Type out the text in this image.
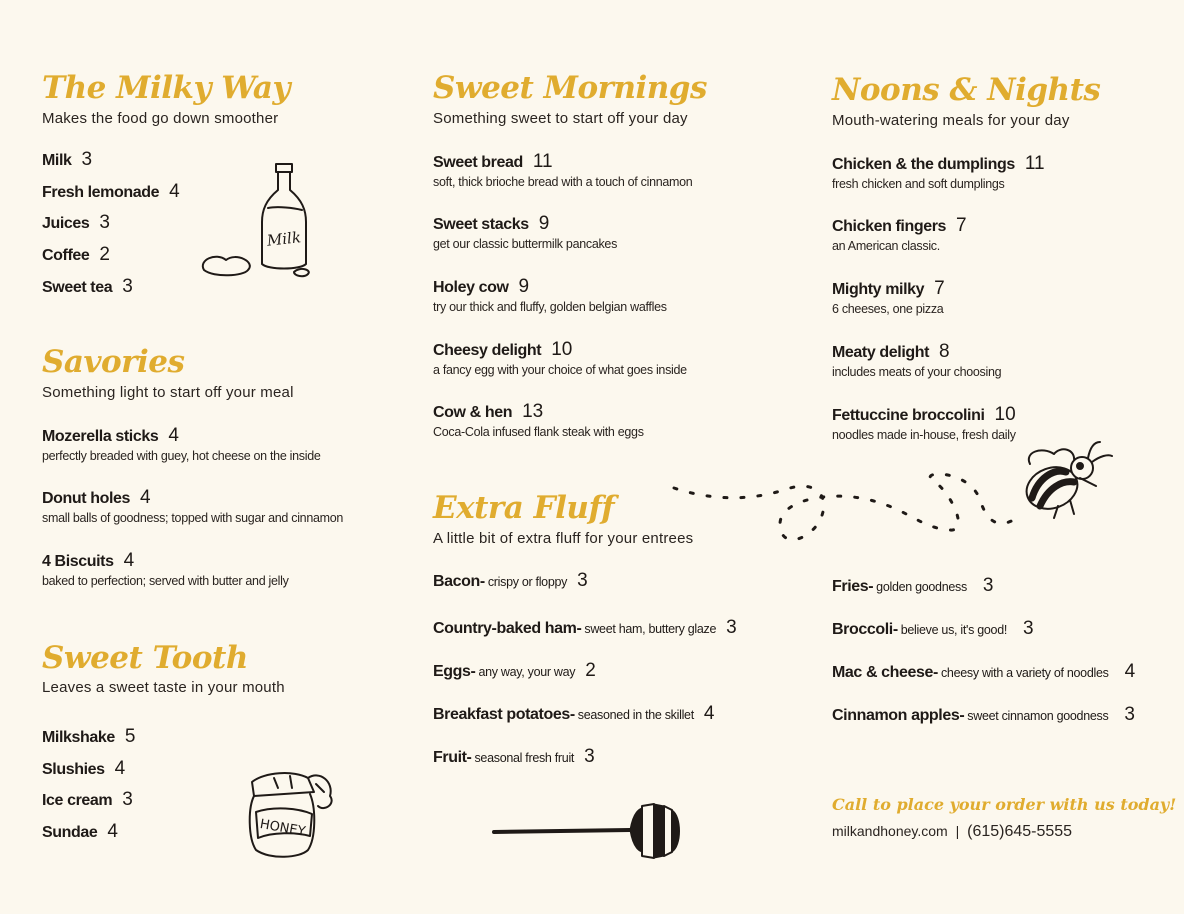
The Milky Way
Makes the food go down smoother
Milk 3
Fresh lemonade 4
Juices 3
Coffee 2
Sweet tea 3
Milk
Savories
Something light to start off your meal
Mozerella sticks 4
perfectly breaded with guey, hot cheese on the inside
Donut holes 4
small balls of goodness; topped with sugar and cinnamon
4 Biscuits 4
baked to perfection; served with butter and jelly
Sweet Tooth
Leaves a sweet taste in your mouth
Milkshake 5
Slushies 4
Ice cream 3
Sundae 4	HONEY
Sweet Mornings
Something sweet to start off your day
Sweet bread 11
soft, thick brioche bread with a touch of cinnamon
Sweet stacks 9
get our classic buttermilk pancakes
Holey cow 9
try our thick and fluffy, golden belgian waffles
Cheesy delight 10
a fancy egg with your choice of what goes inside
Cow & hen 13
Coca-Cola infused flank steak with eggs
Extra Fluff
A little bit of extra fluff for your entrees
Bacon- crispy or floppy 3
Country-baked ham- sweet ham, buttery glaze 3
Eggs- any way, your way 2
Breakfast potatoes- seasoned in the skillet 4
Fruit- seasonal fresh fruit 3
Noons & Nights
Mouth-watering meals for your day
Chicken & the dumplings 11
fresh chicken and soft dumplings
Chicken fingers 7
an American classic.
Mighty milky 7
6 cheeses, one pizza
Meaty delight 8
includes meats of your choosing
Fettuccine broccolini 10
noodles made in-house, fresh daily
Fries- golden goodness 3
Broccoli- believe us, it's good! 3
Mac & cheese- cheesy with a variety of noodles 4
Cinnamon apples- sweet cinnamon goodness 3
Call to place your order with us today!
milkandhoney.com | (615)645-5555
